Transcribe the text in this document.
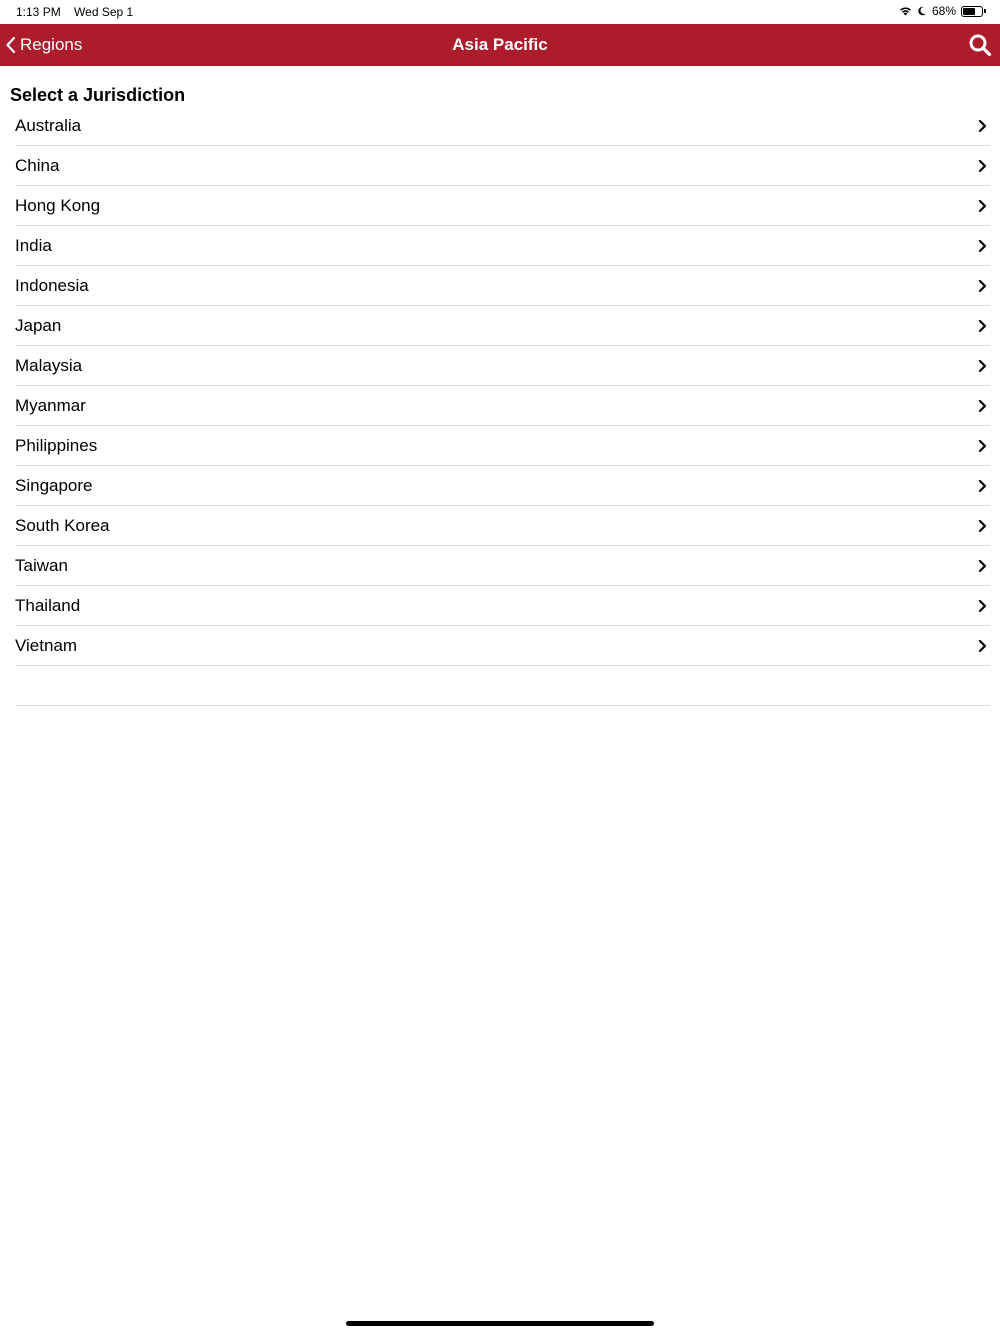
1:13 PM Wed Sep 1	68%
Regions	Asia Pacific
Select a Jurisdiction
Australia
China
Hong Kong
India
Indonesia
Japan
Malaysia
Myanmar
Philippines
Singapore
South Korea
Taiwan
Thailand
Vietnam
